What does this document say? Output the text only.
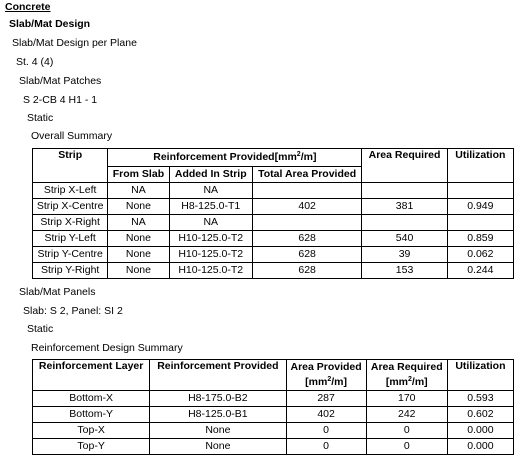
Concrete
Slab/Mat Design
Slab/Mat Design per Plane
St. 4 (4)
Slab/Mat Patches
S 2-CB 4 H1 - 1
Static
Overall Summary
Strip	Reinforcement $Provided[mm^2/m]$			Area Required	Utilization
	From Slab	Added In Strip	Total Area Provided		
Strip X-Left	NA	NA			
Strip X-Centre	None	H8-125.0-T1	402	381	0.949
Strip X-Right	NA	NA			
Strip Y-Left	None	H10-125.0-T2	628	540	0.859
Strip Y-Centre	None	H10-125.0-T2	628	39	0.062
Strip Y-Right	None	H10-125.0-T2	628	153	0.244
Slab/Mat Panels
Slab: S 2, Panel: SI 2
Static
Reinforcement Design Summary
Reinforcement Layer	Reinforcement Provided	Area Provided	Area Required	Utilization
		$[mm^2/m]$	$[mm^2/m]$	
Bottom-X	H8-175.0-B2	287	170	0.593
Bottom-Y	H8-125.0-B1	402	242	0.602
Top-X	None	0	0	0.000
Top-Y	None	0	0	0.000
